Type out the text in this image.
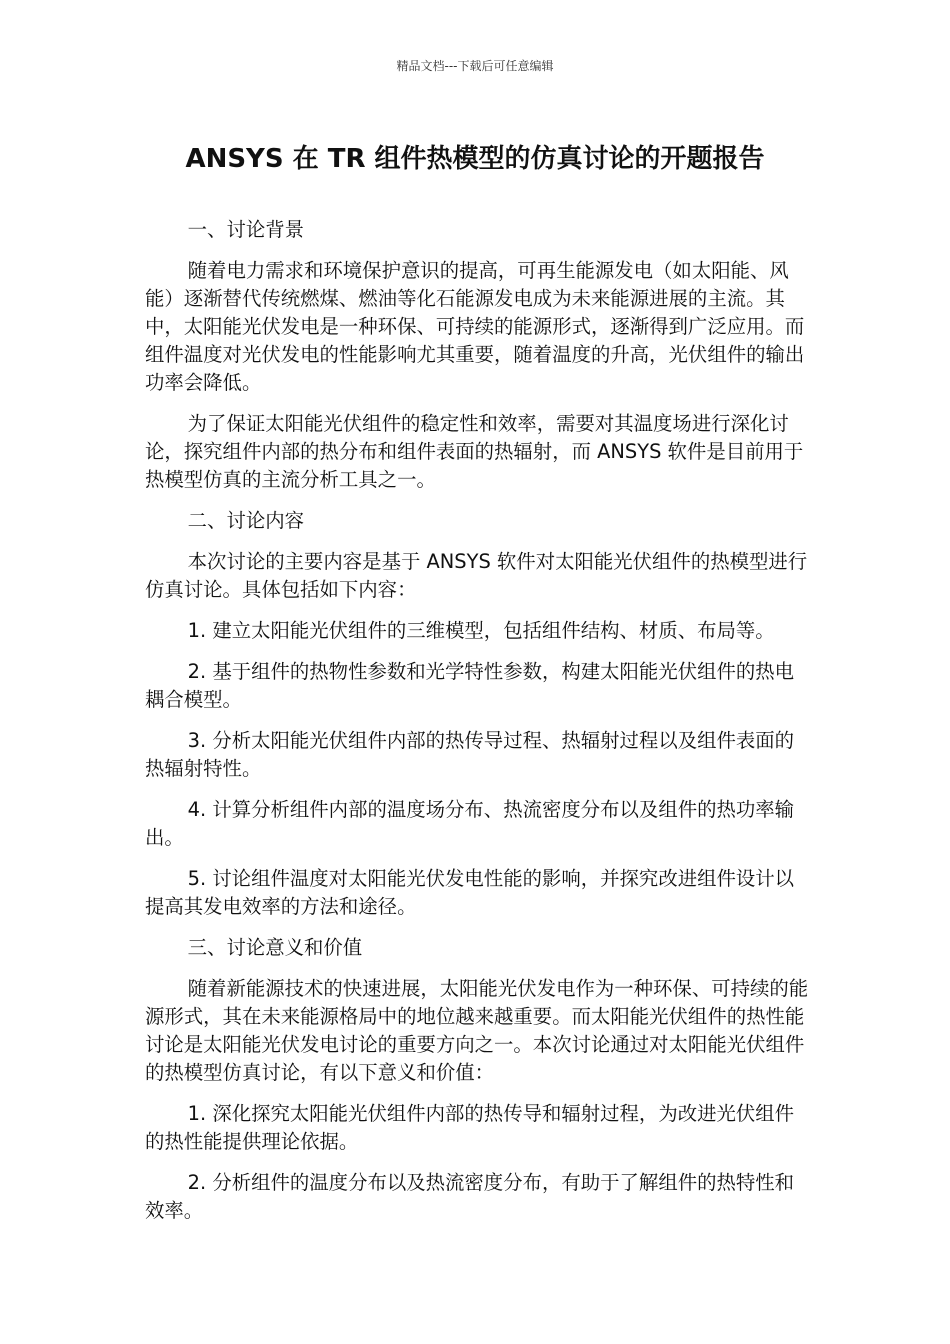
精品文档---下载后可任意编辑
ANSYS 在 TR 组件热模型的仿真讨论的开题报告

一、讨论背景

随着电力需求和环境保护意识的提高，可再生能源发电（如太阳能、风能）逐渐替代传统燃煤、燃油等化石能源发电成为未来能源进展的主流。其中，太阳能光伏发电是一种环保、可持续的能源形式，逐渐得到广泛应用。而组件温度对光伏发电的性能影响尤其重要，随着温度的升高，光伏组件的输出功率会降低。

为了保证太阳能光伏组件的稳定性和效率，需要对其温度场进行深化讨论，探究组件内部的热分布和组件表面的热辐射，而 ANSYS 软件是目前用于热模型仿真的主流分析工具之一。

二、讨论内容

本次讨论的主要内容是基于 ANSYS 软件对太阳能光伏组件的热模型进行仿真讨论。具体包括如下内容：

1. 建立太阳能光伏组件的三维模型，包括组件结构、材质、布局等。

2. 基于组件的热物性参数和光学特性参数，构建太阳能光伏组件的热电耦合模型。

3. 分析太阳能光伏组件内部的热传导过程、热辐射过程以及组件表面的热辐射特性。

4. 计算分析组件内部的温度场分布、热流密度分布以及组件的热功率输出。

5. 讨论组件温度对太阳能光伏发电性能的影响，并探究改进组件设计以提高其发电效率的方法和途径。

三、讨论意义和价值

随着新能源技术的快速进展，太阳能光伏发电作为一种环保、可持续的能源形式，其在未来能源格局中的地位越来越重要。而太阳能光伏组件的热性能讨论是太阳能光伏发电讨论的重要方向之一。本次讨论通过对太阳能光伏组件的热模型仿真讨论，有以下意义和价值：

1. 深化探究太阳能光伏组件内部的热传导和辐射过程，为改进光伏组件的热性能提供理论依据。

2. 分析组件的温度分布以及热流密度分布，有助于了解组件的热特性和效率。
